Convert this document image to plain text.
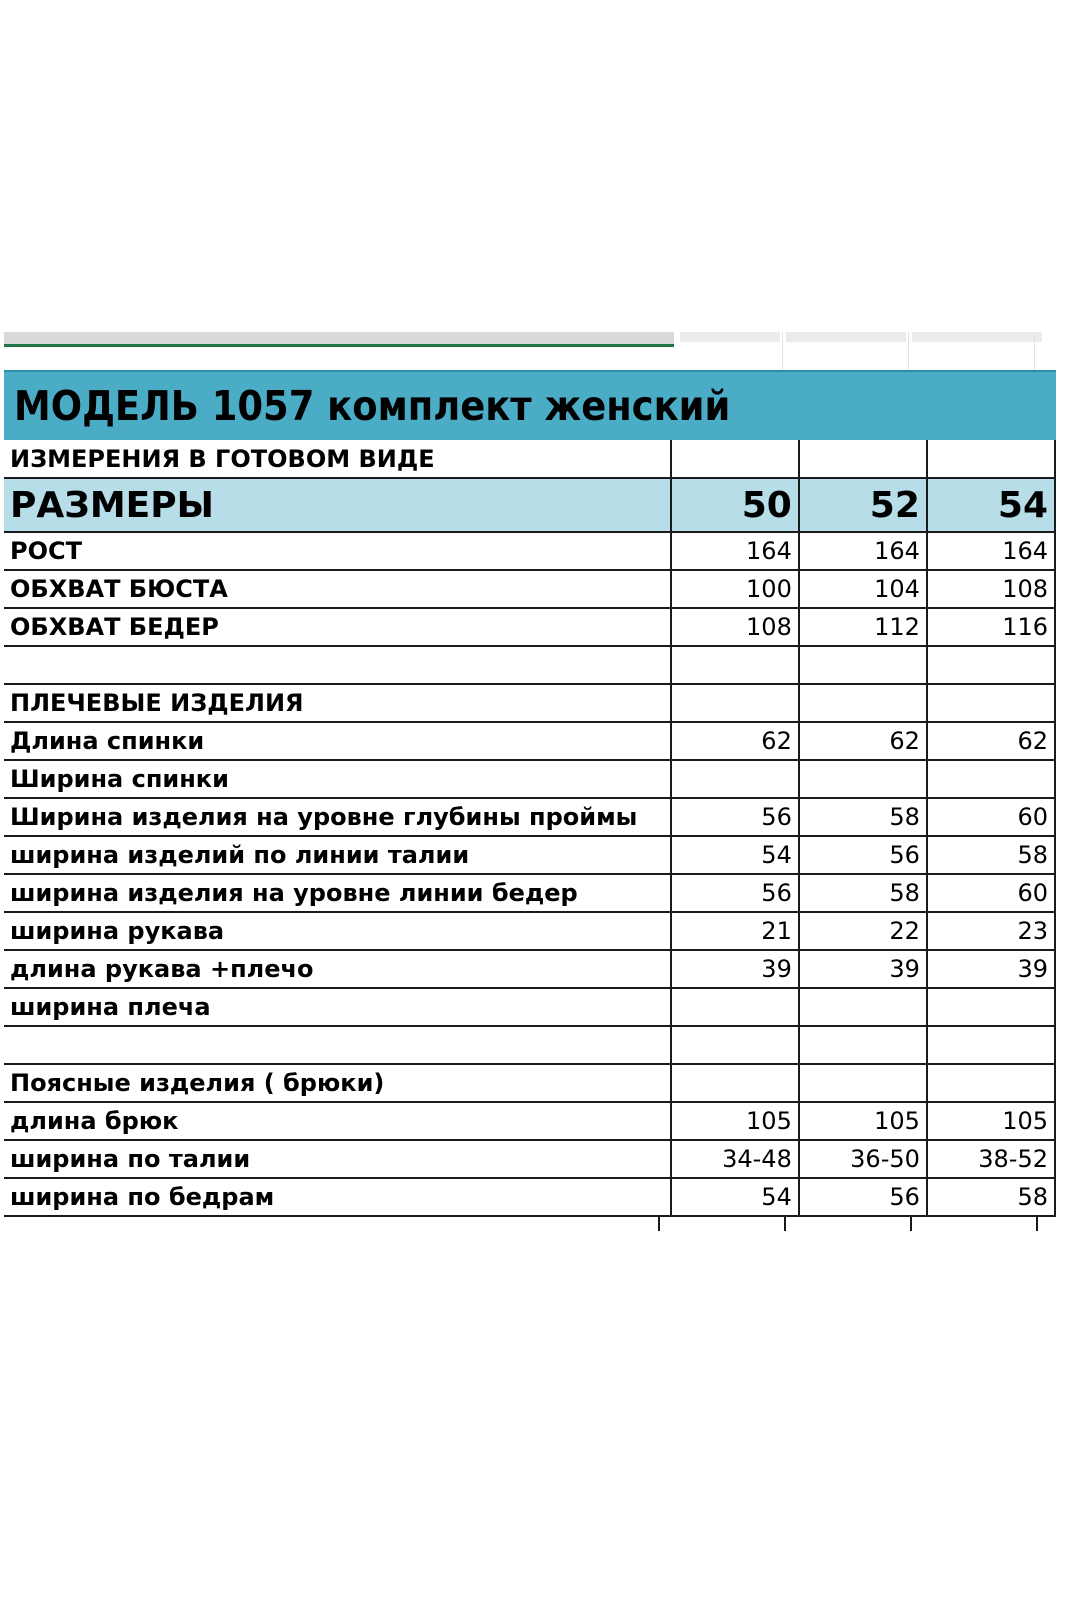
МОДЕЛЬ 1057 комплект женский
ИЗМЕРЕНИЯ В ГОТОВОМ ВИДЕ			
РАЗМЕРЫ	50	52	54
РОСТ	164	164	164
ОБХВАТ БЮСТА	100	104	108
ОБХВАТ БЕДЕР	108	112	116

ПЛЕЧЕВЫЕ ИЗДЕЛИЯ			
Длина спинки	62	62	62
Ширина спинки			
Ширина изделия на уровне глубины проймы	56	58	60
ширина изделий по линии талии	54	56	58
ширина изделия на уровне линии бедер	56	58	60
ширина рукава	21	22	23
длина рукава +плечо	39	39	39
ширина плеча			

Поясные изделия ( брюки)			
длина брюк	105	105	105
ширина по талии	34-48	36-50	38-52
ширина по бедрам	54	56	58
